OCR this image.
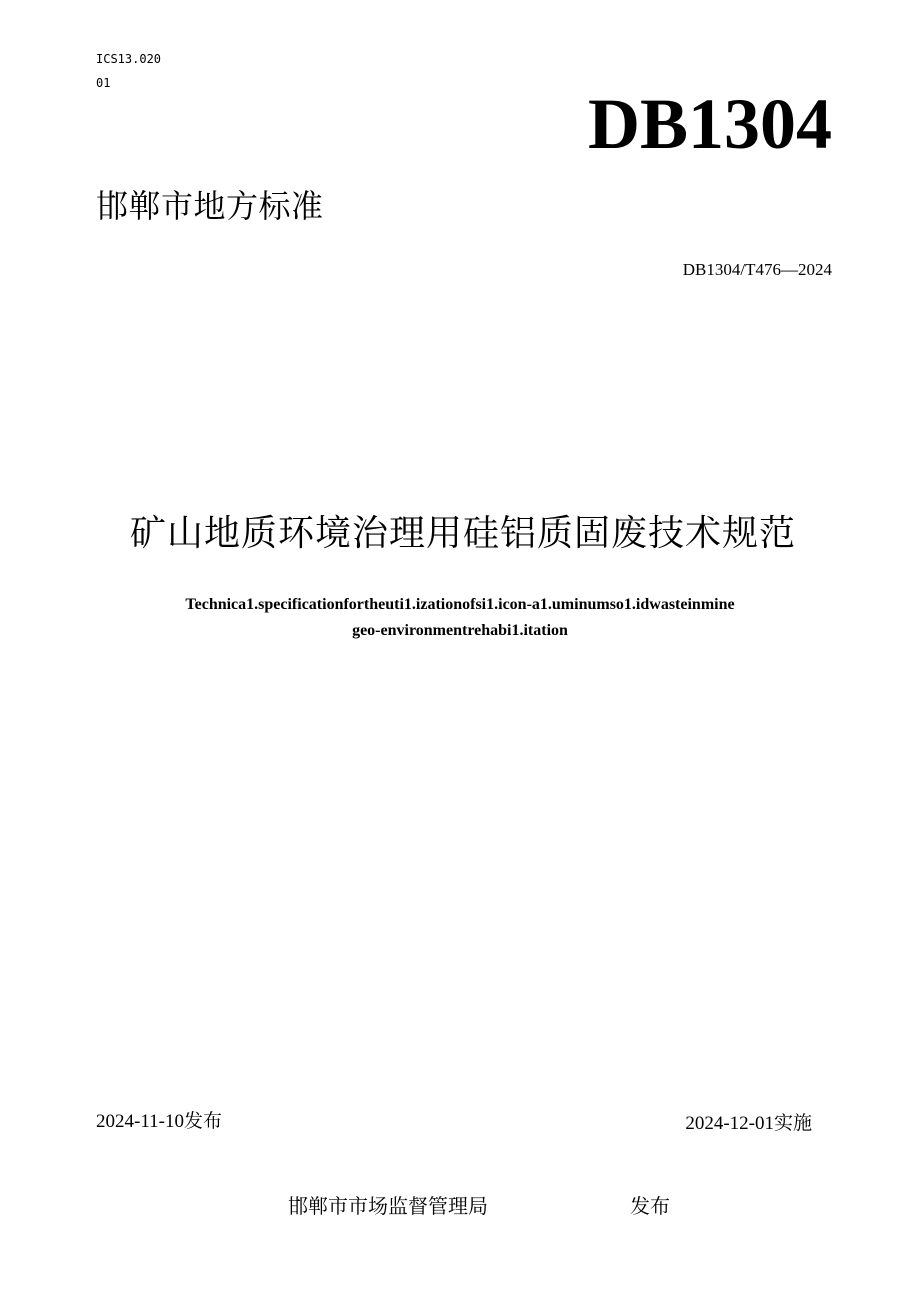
ICS13.020
01
DB1304
邯郸市地方标准
DB1304/T476—2024
矿山地质环境治理用硅铝质固废技术规范
Technica1.specificationfortheuti1.izationofsi1.icon-a1.uminumso1.idwasteinmine
geo-environmentrehabi1.itation
2024-11-10发布	2024-12-01实施
邯郸市市场监督管理局	发布
